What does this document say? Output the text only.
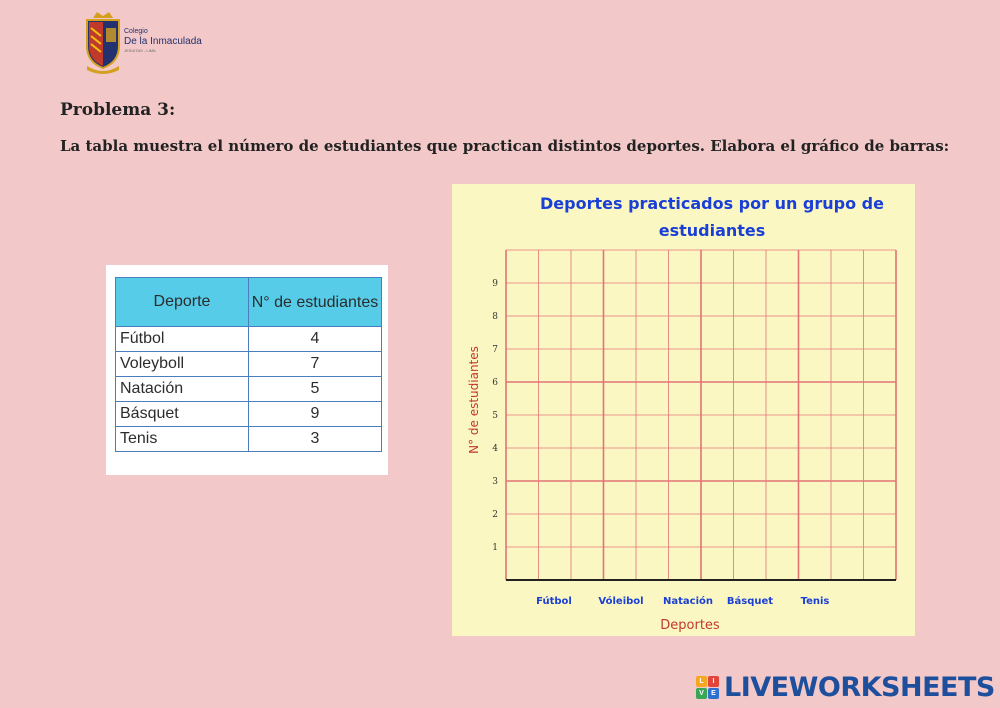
Colegio
De la Inmaculada
JESUITAS - LIMA
Problema 3:
La tabla muestra el número de estudiantes que practican distintos deportes. Elabora el gráfico de barras:
Deporte	N° de estudiantes
Fútbol	4
Voleyboll	7
Natación	5
Básquet	9
Tenis	3
Deportes practicados por un grupo de
estudiantes
1
2
3
4
5
6
7
8
9
Fútbol	Vóleibol Natación Básquet	Tenis
N° de estudiantes
Deportes
L	I
V	E LIVEWORKSHEETS
